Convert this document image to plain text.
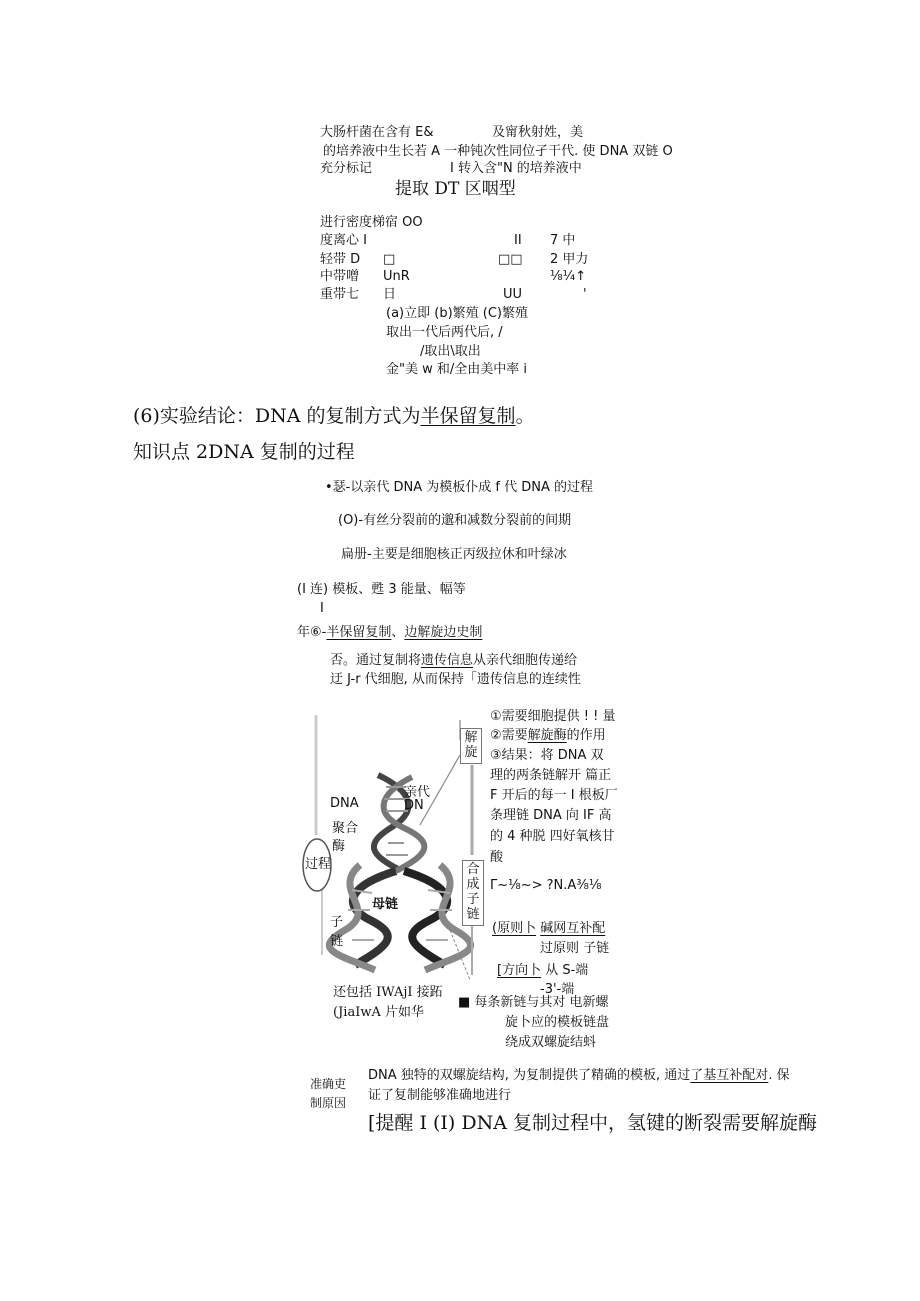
大肠杆菌在含有 E&	及甯秋射姓，美
的培养液中生长若 A 一种钝次性同位孑干代. 使 DNA 双链 O
充分标记	I 转入含"N 的培养液中
提取 DT 区咽型
进行密度梯宿 OO
度离心 I	II 7 中
轻带 D □	□□ 2 甲力
中带噌 UnR	⅛¼↑
重带七 日	UU	'
(a)立即 (b)繁殖 (C)繁殖
取出一代后两代后, /
/取出\取出
金"美 w 和/全由美中率 i
(6)实验结论：DNA 的复制方式为半保留复制。
知识点 2DNA 复制的过程
•瑟-以亲代 DNA 为模板仆成 f 代 DNA 的过程
(O)-有丝分裂前的邈和减数分裂前的间期
扁册-主要是细胞核正丙级拉休和叶绿冰
(I 连) 模板、甦 3 能量、幅等
I
年⑥-半保留复制、边解旋边史制
否。通过复制将遗传信息从亲代细胞传递给
迂 J-r 代细胞, 从而保持「遗传信息的连续性
过程
DNA
聚合
酶
亲代
DN
母链
子
链
解旋
合成子链
还包括 IWAjI 接跖
(JiaIwA 片如华
①需要细胞提供 ! ! 量
②需要解旋酶的作用
③结果：将 DNA 双
理的两条链解开 篇正
F 开后的每一 I 根板厂
条理链 DNA 向 IF 高
的 4 种脱 四好氧核甘
酸
Γ~⅛~> ?N.A⅜⅛
(原则卜 碱网互补配
过原则 子链
[方向卜 从 S-端
-3'-端
■ 每条新链与其对 电新螺
旋卜应的模板链盘
绕成双螺旋结蚪
准确吏
制原因
DNA 独特的双螺旋结构, 为复制提供了精确的模板, 通过了基互补配对. 保
证了复制能够准确地进行
[提醒 I (I) DNA 复制过程中，氢键的断裂需要解旋酶
